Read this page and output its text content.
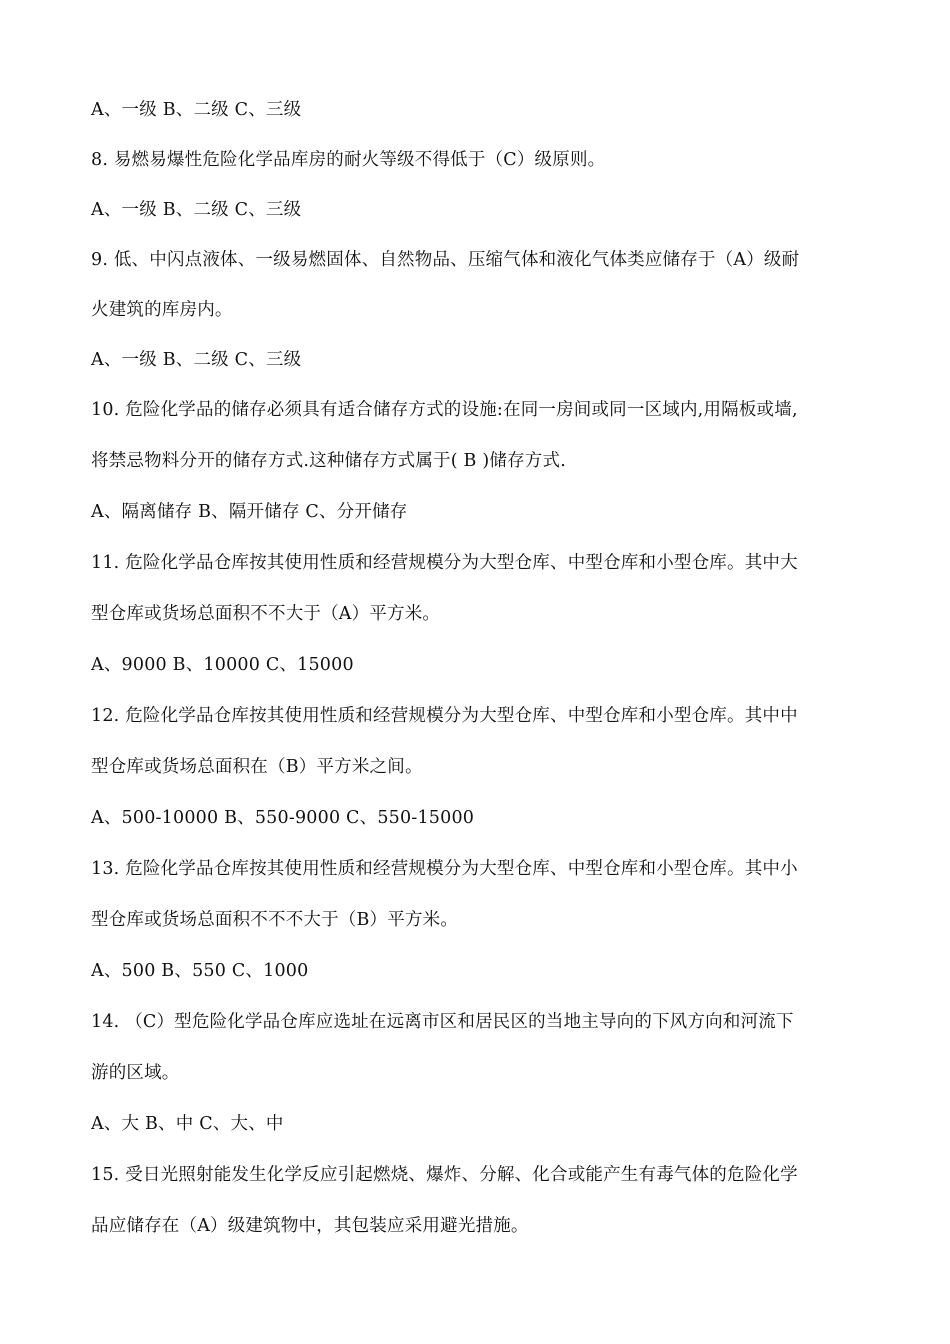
A、一级 B、二级 C、三级
8. 易燃易爆性危险化学品库房的耐火等级不得低于（C）级原则。
A、一级 B、二级 C、三级
9. 低、中闪点液体、一级易燃固体、自然物品、压缩气体和液化气体类应储存于（A）级耐
火建筑的库房内。
A、一级 B、二级 C、三级
10. 危险化学品的储存必须具有适合储存方式的设施:在同一房间或同一区域内,用隔板或墙,
将禁忌物料分开的储存方式.这种储存方式属于( B )储存方式.
A、隔离储存 B、隔开储存 C、分开储存
11. 危险化学品仓库按其使用性质和经营规模分为大型仓库、中型仓库和小型仓库。其中大
型仓库或货场总面积不不大于（A）平方米。
A、9000 B、10000 C、15000
12. 危险化学品仓库按其使用性质和经营规模分为大型仓库、中型仓库和小型仓库。其中中
型仓库或货场总面积在（B）平方米之间。
A、500-10000 B、550-9000 C、550-15000
13. 危险化学品仓库按其使用性质和经营规模分为大型仓库、中型仓库和小型仓库。其中小
型仓库或货场总面积不不不大于（B）平方米。
A、500 B、550 C、1000
14. （C）型危险化学品仓库应选址在远离市区和居民区的当地主导向的下风方向和河流下
游的区域。
A、大 B、中 C、大、中
15. 受日光照射能发生化学反应引起燃烧、爆炸、分解、化合或能产生有毒气体的危险化学
品应储存在（A）级建筑物中，其包装应采用避光措施。
